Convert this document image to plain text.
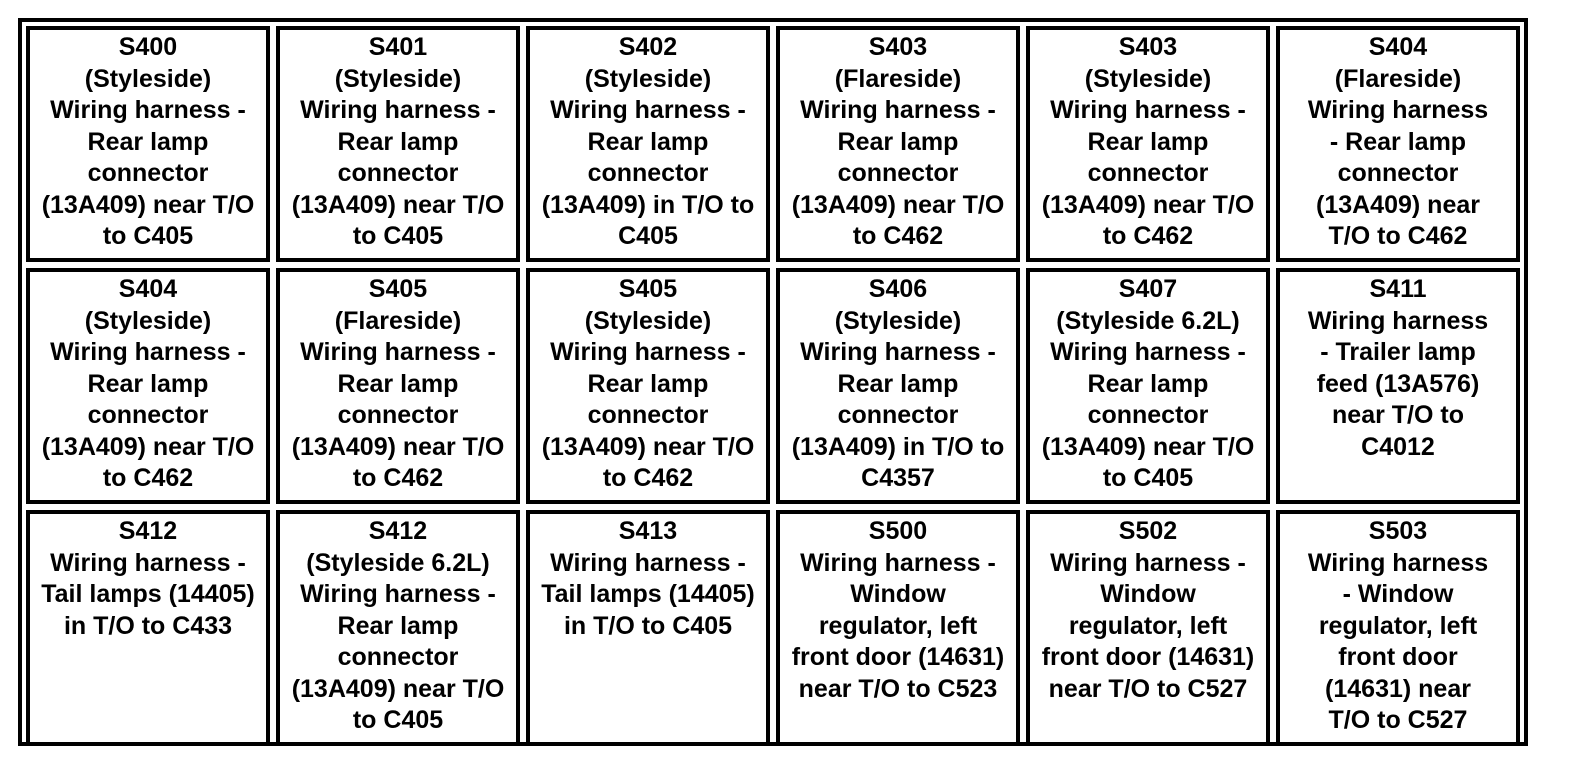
S400
(Styleside)
Wiring harness -
Rear lamp
connector
(13A409) near T/O
to C405
S401
(Styleside)
Wiring harness -
Rear lamp
connector
(13A409) near T/O
to C405
S402
(Styleside)
Wiring harness -
Rear lamp
connector
(13A409) in T/O to
C405
S403
(Flareside)
Wiring harness -
Rear lamp
connector
(13A409) near T/O
to C462
S403
(Styleside)
Wiring harness -
Rear lamp
connector
(13A409) near T/O
to C462
S404
(Flareside)
Wiring harness
- Rear lamp
connector
(13A409) near
T/O to C462
S404
(Styleside)
Wiring harness -
Rear lamp
connector
(13A409) near T/O
to C462
S405
(Flareside)
Wiring harness -
Rear lamp
connector
(13A409) near T/O
to C462
S405
(Styleside)
Wiring harness -
Rear lamp
connector
(13A409) near T/O
to C462
S406
(Styleside)
Wiring harness -
Rear lamp
connector
(13A409) in T/O to
C4357
S407
(Styleside 6.2L)
Wiring harness -
Rear lamp
connector
(13A409) near T/O
to C405
S411
Wiring harness
- Trailer lamp
feed (13A576)
near T/O to
C4012
S412
Wiring harness -
Tail lamps (14405)
in T/O to C433
S412
(Styleside 6.2L)
Wiring harness -
Rear lamp
connector
(13A409) near T/O
to C405
S413
Wiring harness -
Tail lamps (14405)
in T/O to C405
S500
Wiring harness -
Window
regulator, left
front door (14631)
near T/O to C523
S502
Wiring harness -
Window
regulator, left
front door (14631)
near T/O to C527
S503
Wiring harness
- Window
regulator, left
front door
(14631) near
T/O to C527
